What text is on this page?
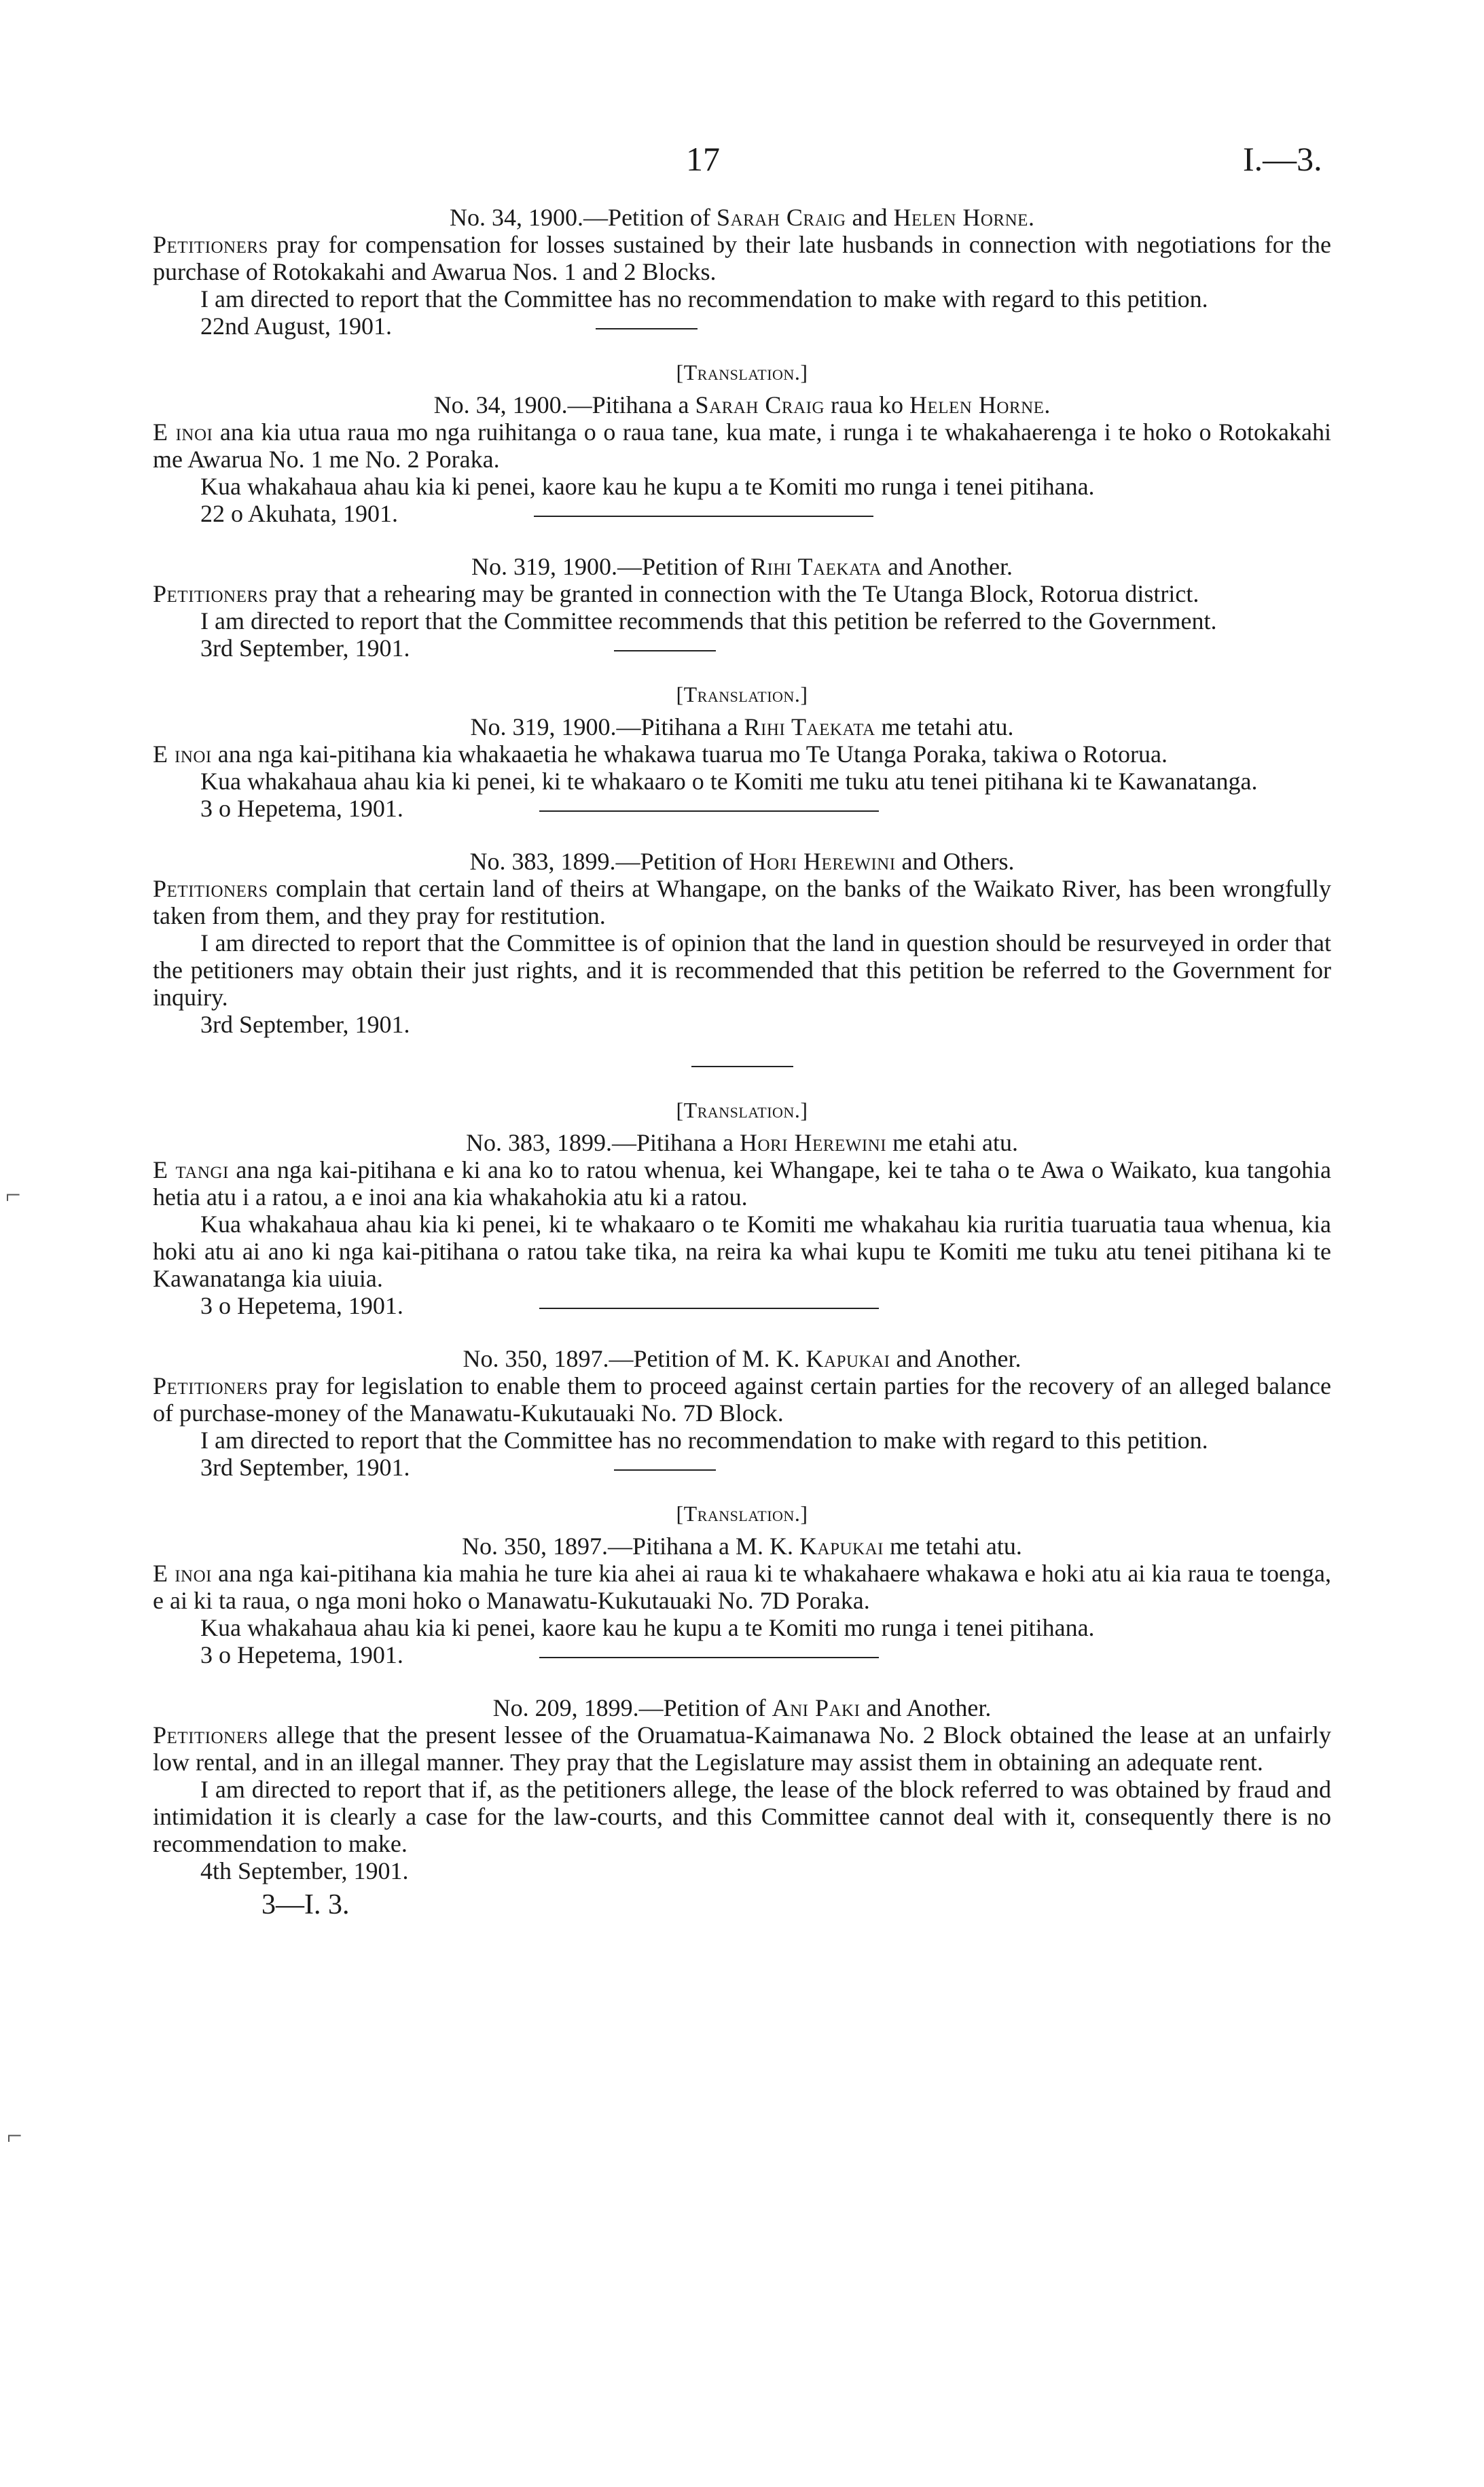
17	I.—3.
No. 34, 1900.—Petition of Sarah Craig and Helen Horne.

Petitioners pray for compensation for losses sustained by their late husbands in connection with negotiations for the purchase of Rotokakahi and Awarua Nos. 1 and 2 Blocks.

I am directed to report that the Committee has no recommendation to make with regard to this petition.

22nd August, 1901.
[Translation.]
No. 34, 1900.—Pitihana a Sarah Craig raua ko Helen Horne.

E inoi ana kia utua raua mo nga ruihitanga o o raua tane, kua mate, i runga i te whakahaerenga i te hoko o Rotokakahi me Awarua No. 1 me No. 2 Poraka.

Kua whakahaua ahau kia ki penei, kaore kau he kupu a te Komiti mo runga i tenei pitihana.

22 o Akuhata, 1901.
No. 319, 1900.—Petition of Rihi Taekata and Another.

Petitioners pray that a rehearing may be granted in connection with the Te Utanga Block, Rotorua district.

I am directed to report that the Committee recommends that this petition be referred to the Government.

3rd September, 1901.
[Translation.]
No. 319, 1900.—Pitihana a Rihi Taekata me tetahi atu.

E inoi ana nga kai-pitihana kia whakaaetia he whakawa tuarua mo Te Utanga Poraka, takiwa o Rotorua.

Kua whakahaua ahau kia ki penei, ki te whakaaro o te Komiti me tuku atu tenei pitihana ki te Kawanatanga.

3 o Hepetema, 1901.
No. 383, 1899.—Petition of Hori Herewini and Others.

Petitioners complain that certain land of theirs at Whangape, on the banks of the Waikato River, has been wrongfully taken from them, and they pray for restitution.

I am directed to report that the Committee is of opinion that the land in question should be resurveyed in order that the petitioners may obtain their just rights, and it is recommended that this petition be referred to the Government for inquiry.

3rd September, 1901.
[Translation.]
No. 383, 1899.—Pitihana a Hori Herewini me etahi atu.

E tangi ana nga kai-pitihana e ki ana ko to ratou whenua, kei Whangape, kei te taha o te Awa o Waikato, kua tangohia hetia atu i a ratou, a e inoi ana kia whakahokia atu ki a ratou.

Kua whakahaua ahau kia ki penei, ki te whakaaro o te Komiti me whakahau kia ruritia tuaruatia taua whenua, kia hoki atu ai ano ki nga kai-pitihana o ratou take tika, na reira ka whai kupu te Komiti me tuku atu tenei pitihana ki te Kawanatanga kia uiuia.

3 o Hepetema, 1901.
No. 350, 1897.—Petition of M. K. Kapukai and Another.

Petitioners pray for legislation to enable them to proceed against certain parties for the recovery of an alleged balance of purchase-money of the Manawatu-Kukutauaki No. 7D Block.

I am directed to report that the Committee has no recommendation to make with regard to this petition.

3rd September, 1901.
[Translation.]
No. 350, 1897.—Pitihana a M. K. Kapukai me tetahi atu.

E inoi ana nga kai-pitihana kia mahia he ture kia ahei ai raua ki te whakahaere whakawa e hoki atu ai kia raua te toenga, e ai ki ta raua, o nga moni hoko o Manawatu-Kukutauaki No. 7D Poraka.

Kua whakahaua ahau kia ki penei, kaore kau he kupu a te Komiti mo runga i tenei pitihana.

3 o Hepetema, 1901.
No. 209, 1899.—Petition of Ani Paki and Another.

Petitioners allege that the present lessee of the Oruamatua-Kaimanawa No. 2 Block obtained the lease at an unfairly low rental, and in an illegal manner. They pray that the Legislature may assist them in obtaining an adequate rent.

I am directed to report that if, as the petitioners allege, the lease of the block referred to was obtained by fraud and intimidation it is clearly a case for the law-courts, and this Committee cannot deal with it, consequently there is no recommendation to make.

4th September, 1901.
3—I. 3.
⌐
⌐
